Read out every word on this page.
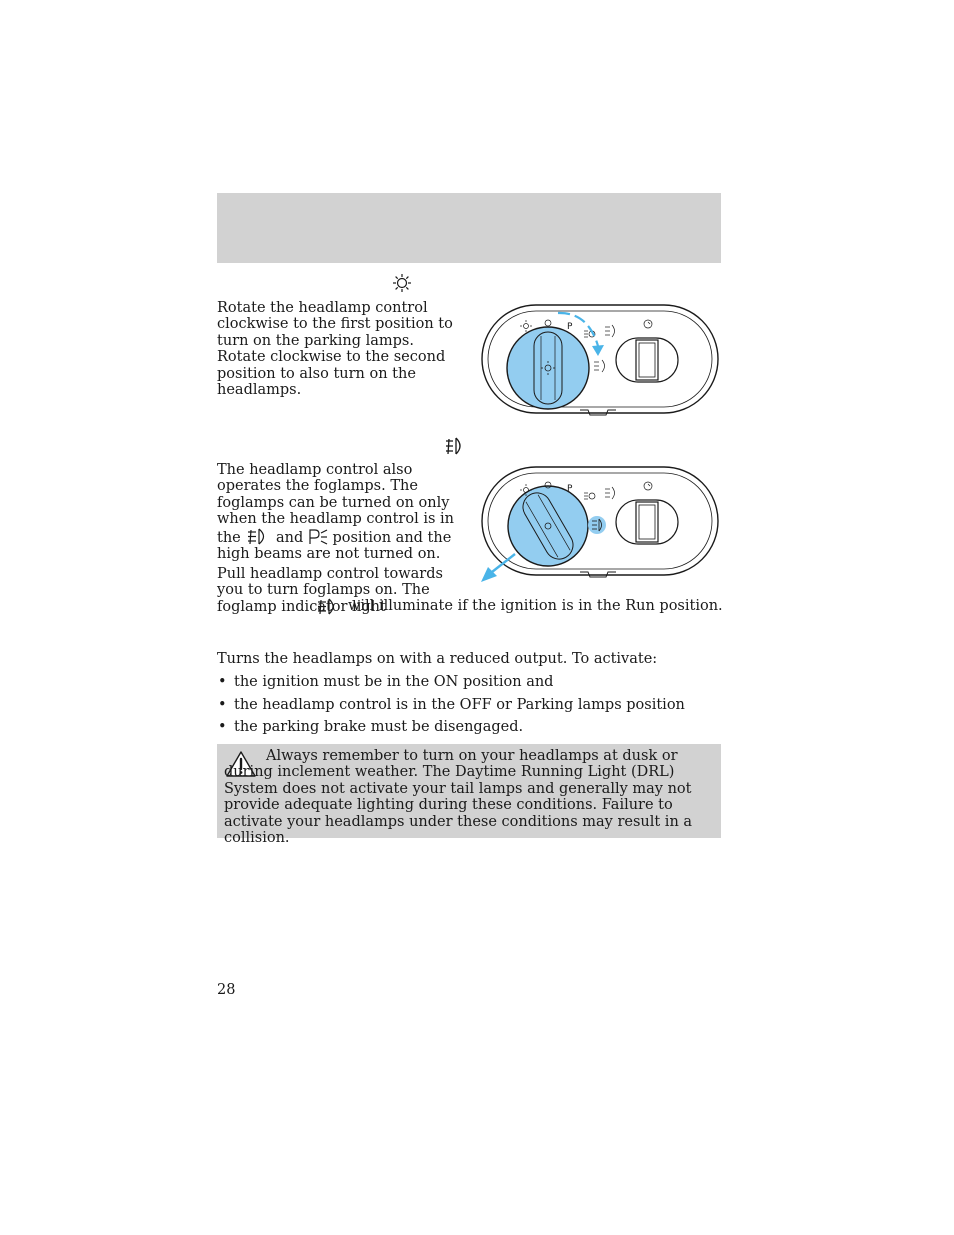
Rotate the headlamp control clockwise to the first position to turn on the parking lamps. Rotate clockwise to the second position to also turn on the headlamps.
P
The headlamp control also operates the foglamps. The foglamps can be turned on only when the headlamp control is in the and position and the high beams are not turned on.
P
Pull headlamp control towards you to turn foglamps on. The foglamp indicator light
will illuminate if the ignition is in the Run position.
Turns the headlamps on with a reduced output. To activate:
• the ignition must be in the ON position and
• the headlamp control is in the OFF or Parking lamps position
• the parking brake must be disengaged.
Always remember to turn on your headlamps at dusk or during inclement weather. The Daytime Running Light (DRL) System does not activate your tail lamps and generally may not provide adequate lighting during these conditions. Failure to activate your headlamps under these conditions may result in a collision.
28
